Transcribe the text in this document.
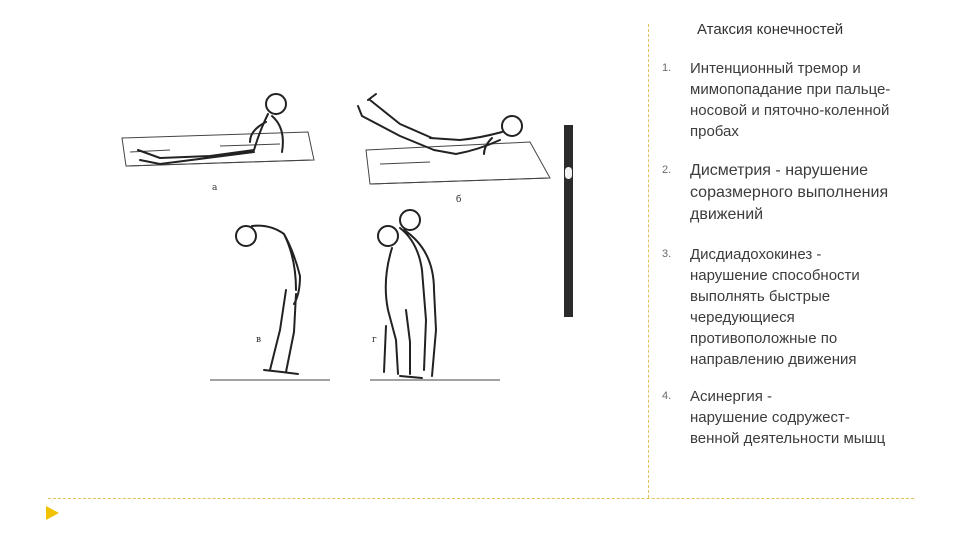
а
б
в	г
Атаксия конечностей
1. Интенционный тремор и
мимопопадание при пальце-
носовой и пяточно-коленной
пробах
2. Дисметрия - нарушение
соразмерного выполнения
движений
3. Дисдиадохокинез -
нарушение способности
выполнять быстрые
чередующиеся
противоположные по
направлению движения
4. Асинергия -
нарушение содружест-
венной деятельности мышц
